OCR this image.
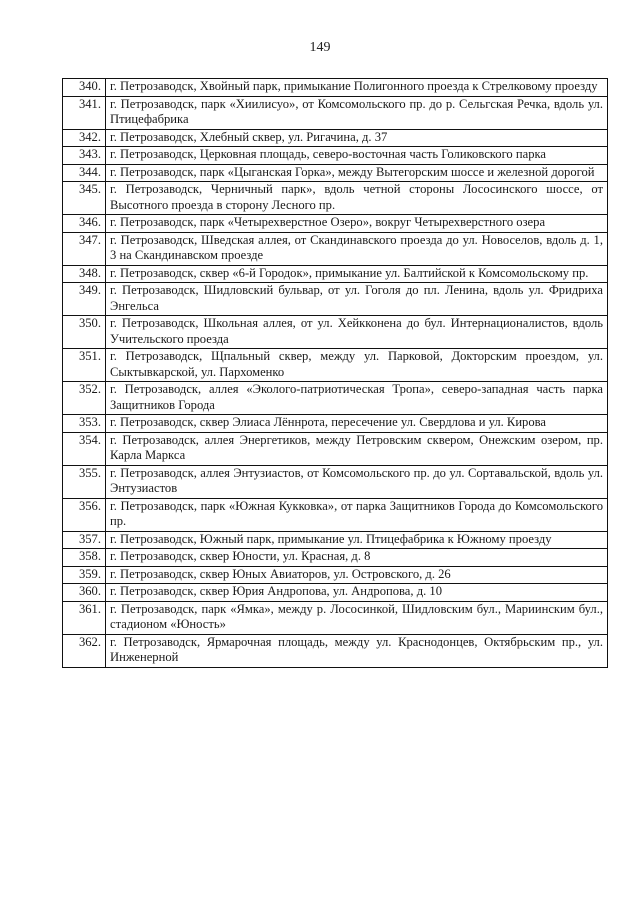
149
340.	г. Петрозаводск, Хвойный парк, примыкание Полигонного проезда к Стрелковому проезду
341.	г. Петрозаводск, парк «Хиилисуо», от Комсомольского пр. до р. Сельгская Речка, вдоль ул. Птицефабрика
342.	г. Петрозаводск, Хлебный сквер, ул. Ригачина, д. 37
343.	г. Петрозаводск, Церковная площадь, северо-восточная часть Голиковского парка
344.	г. Петрозаводск, парк «Цыганская Горка», между Вытегорским шоссе и железной дорогой
345.	г. Петрозаводск, Черничный парк», вдоль четной стороны Лососинского шоссе, от Высотного проезда в сторону Лесного пр.
346.	г. Петрозаводск, парк «Четырехверстное Озеро», вокруг Четырехверстного озера
347.	г. Петрозаводск, Шведская аллея, от Скандинавского проезда до ул. Новоселов, вдоль д. 1, 3 на Скандинавском проезде
348.	г. Петрозаводск, сквер «6-й Городок», примыкание ул. Балтийской к Комсомольскому пр.
349.	г. Петрозаводск, Шидловский бульвар, от ул. Гоголя до пл. Ленина, вдоль ул. Фридриха Энгельса
350.	г. Петрозаводск, Школьная аллея, от ул. Хейкконена до бул. Интернационалистов, вдоль Учительского проезда
351.	г. Петрозаводск, Щпальный сквер, между ул. Парковой, Докторским проездом, ул. Сыктывкарской, ул. Пархоменко
352.	г. Петрозаводск, аллея «Эколого-патриотическая Тропа», северо-западная часть парка Защитников Города
353.	г. Петрозаводск, сквер Элиаса Лённрота, пересечение ул. Свердлова и ул. Кирова
354.	г. Петрозаводск, аллея Энергетиков, между Петровским сквером, Онежским озером, пр. Карла Маркса
355.	г. Петрозаводск, аллея Энтузиастов, от Комсомольского пр. до ул. Сортавальской, вдоль ул. Энтузиастов
356.	г. Петрозаводск, парк «Южная Кукковка», от парка Защитников Города до Комсомольского пр.
357.	г. Петрозаводск, Южный парк, примыкание ул. Птицефабрика к Южному проезду
358.	г. Петрозаводск, сквер Юности, ул. Красная, д. 8
359.	г. Петрозаводск, сквер Юных Авиаторов, ул. Островского, д. 26
360.	г. Петрозаводск, сквер Юрия Андропова, ул. Андропова, д. 10
361.	г. Петрозаводск, парк «Ямка», между р. Лососинкой, Шидловским бул., Мариинским бул., стадионом «Юность»
362.	г. Петрозаводск, Ярмарочная площадь, между ул. Краснодонцев, Октябрьским пр., ул. Инженерной
